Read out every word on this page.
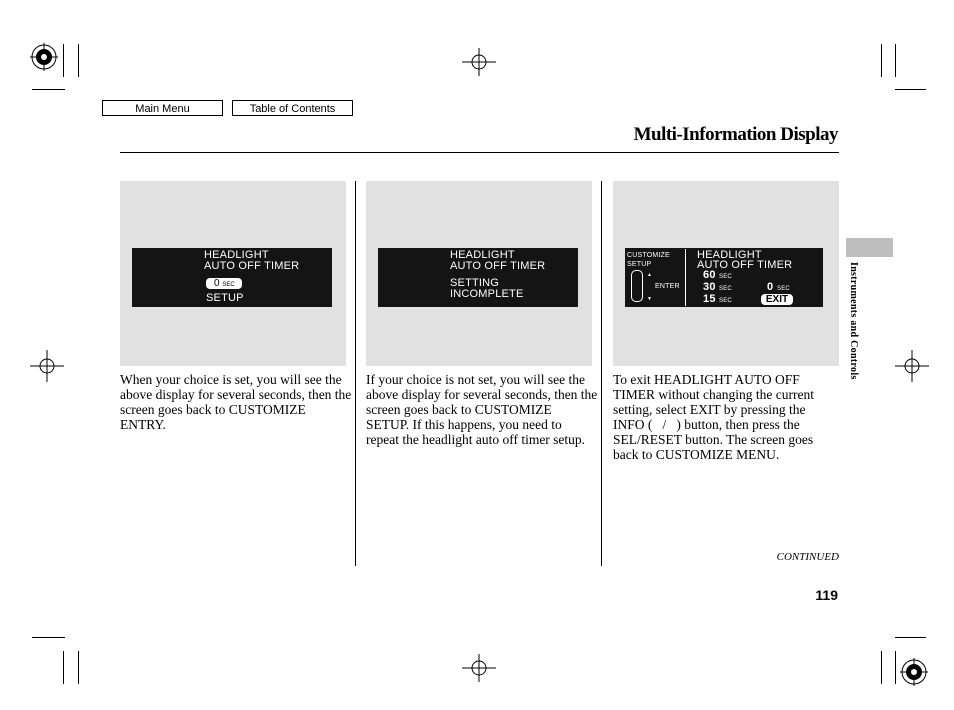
Main Menu	Table of Contents
Multi-Information Display
HEADLIGHT
AUTO OFF TIMER
0 SEC
SETUP
HEADLIGHT
AUTO OFF TIMER
SETTING
INCOMPLETE
CUSTOMIZE
SETUP
▲
ENTER
▼
HEADLIGHT
AUTO OFF TIMER
60 SEC
30 SEC
15 SEC
0 SEC
EXIT
When your choice is set, you will see the above display for several seconds, then the screen goes back to CUSTOMIZE ENTRY.
If your choice is not set, you will see the above display for several seconds, then the screen goes back to CUSTOMIZE SETUP. If this happens, you need to repeat the headlight auto off timer setup.
To exit HEADLIGHT AUTO OFF TIMER without changing the current setting, select EXIT by pressing the INFO (   /   ) button, then press the SEL/RESET button. The screen goes back to CUSTOMIZE MENU.
Instruments and Controls
CONTINUED
119
